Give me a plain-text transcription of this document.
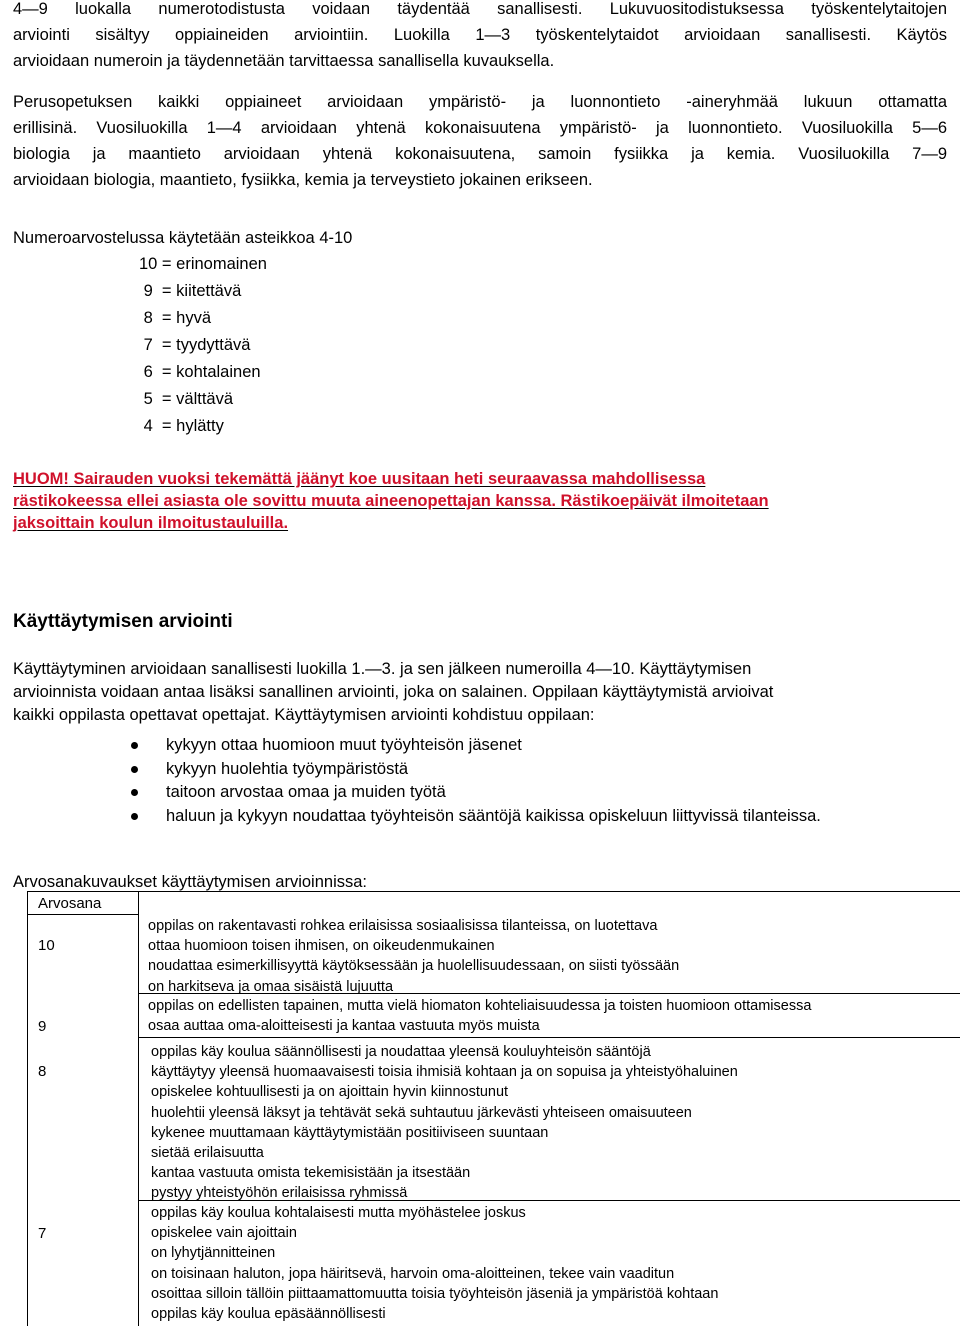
4—9 luokalla numerotodistusta voidaan täydentää sanallisesti. Lukuvuositodistuksessa työskentelytaitojen
arviointi sisältyy oppiaineiden arviointiin. Luokilla 1—3 työskentelytaidot arvioidaan sanallisesti. Käytös
arvioidaan numeroin ja täydennetään tarvittaessa sanallisella kuvauksella.
Perusopetuksen kaikki oppiaineet arvioidaan ympäristö- ja luonnontieto -aineryhmää lukuun ottamatta
erillisinä. Vuosiluokilla 1—4 arvioidaan yhtenä kokonaisuutena ympäristö- ja luonnontieto. Vuosiluokilla 5—6
biologia ja maantieto arvioidaan yhtenä kokonaisuutena, samoin fysiikka ja kemia. Vuosiluokilla 7—9
arvioidaan biologia, maantieto, fysiikka, kemia ja terveystieto jokainen erikseen.
Numeroarvostelussa käytetään asteikkoa 4-10
10 = erinomainen
9  = kiitettävä
8  = hyvä
7  = tyydyttävä
6  = kohtalainen
5  = välttävä
4  = hylätty
HUOM! Sairauden vuoksi tekemättä jäänyt koe uusitaan heti seuraavassa mahdollisessa
rästikokeessa ellei asiasta ole sovittu muuta aineenopettajan kanssa. Rästikoepäivät ilmoitetaan
jaksoittain koulun ilmoitustauluilla.
Käyttäytymisen arviointi
Käyttäytyminen arvioidaan sanallisesti luokilla 1.—3. ja sen jälkeen numeroilla 4—10. Käyttäytymisen
arvioinnista voidaan antaa lisäksi sanallinen arviointi, joka on salainen. Oppilaan käyttäytymistä arvioivat
kaikki oppilasta opettavat opettajat. Käyttäytymisen arviointi kohdistuu oppilaan:
kykyyn ottaa huomioon muut työyhteisön jäsenet
kykyyn huolehtia työympäristöstä
taitoon arvostaa omaa ja muiden työtä
haluun ja kykyyn noudattaa työyhteisön sääntöjä kaikissa opiskeluun liittyvissä tilanteissa.
Arvosanakuvaukset käyttäytymisen arvioinnissa:
Arvosana
10
oppilas on rakentavasti rohkea erilaisissa sosiaalisissa tilanteissa, on luotettava
ottaa huomioon toisen ihmisen, on oikeudenmukainen
noudattaa esimerkillisyyttä käytöksessään ja huolellisuudessaan, on siisti työssään
on harkitseva ja omaa sisäistä lujuutta
9
oppilas on edellisten tapainen, mutta vielä hiomaton kohteliaisuudessa ja toisten huomioon ottamisessa
osaa auttaa oma-aloitteisesti ja kantaa vastuuta myös muista
8
oppilas käy koulua säännöllisesti ja noudattaa yleensä kouluyhteisön sääntöjä
käyttäytyy yleensä huomaavaisesti toisia ihmisiä kohtaan ja on sopuisa ja yhteistyöhaluinen
opiskelee kohtuullisesti ja on ajoittain hyvin kiinnostunut
huolehtii yleensä läksyt ja tehtävät sekä suhtautuu järkevästi yhteiseen omaisuuteen
kykenee muuttamaan käyttäytymistään positiiviseen suuntaan
sietää erilaisuutta
kantaa vastuuta omista tekemisistään ja itsestään
pystyy yhteistyöhön erilaisissa ryhmissä
7
oppilas käy koulua kohtalaisesti mutta myöhästelee joskus
opiskelee vain ajoittain
on lyhytjännitteinen
on toisinaan haluton, jopa häiritsevä, harvoin oma-aloitteinen, tekee vain vaaditun
osoittaa silloin tällöin piittaamattomuutta toisia työyhteisön jäseniä ja ympäristöä kohtaan
oppilas käy koulua epäsäännöllisesti
